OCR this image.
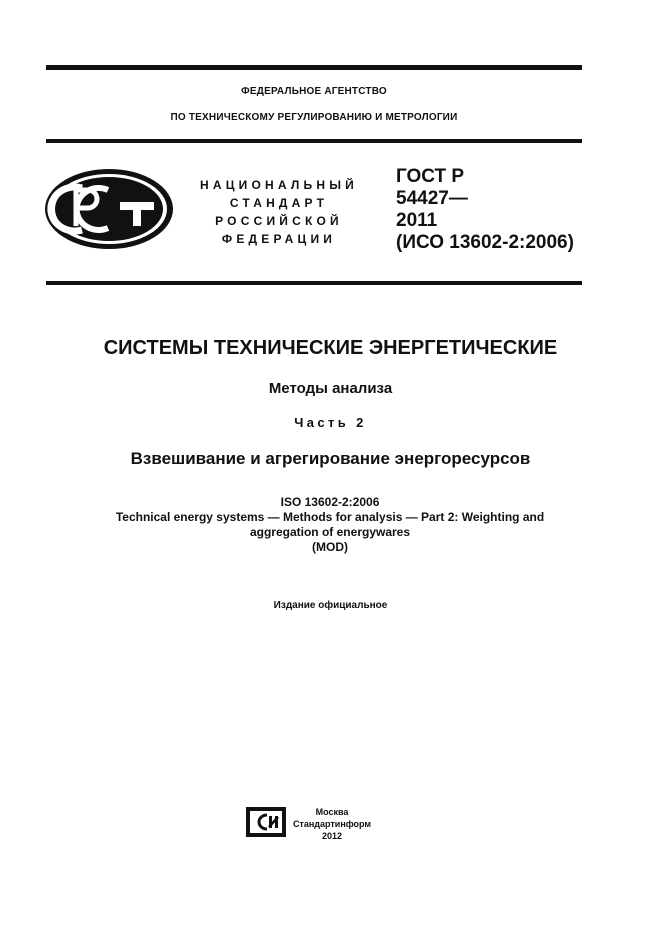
ФЕДЕРАЛЬНОЕ АГЕНТСТВО
ПО ТЕХНИЧЕСКОМУ РЕГУЛИРОВАНИЮ И МЕТРОЛОГИИ
НАЦИОНАЛЬНЫЙ
СТАНДАРТ
РОССИЙСКОЙ
ФЕДЕРАЦИИ
ГОСТ Р
54427—
2011
(ИСО 13602-2:2006)
СИСТЕМЫ ТЕХНИЧЕСКИЕ ЭНЕРГЕТИЧЕСКИЕ
Методы анализа
Часть 2
Взвешивание и агрегирование энергоресурсов
ISO 13602-2:2006
Technical energy systems — Methods for analysis — Part 2: Weighting and
aggregation of energywares
(MOD)
Издание официальное
Москва
Стандартинформ
2012
